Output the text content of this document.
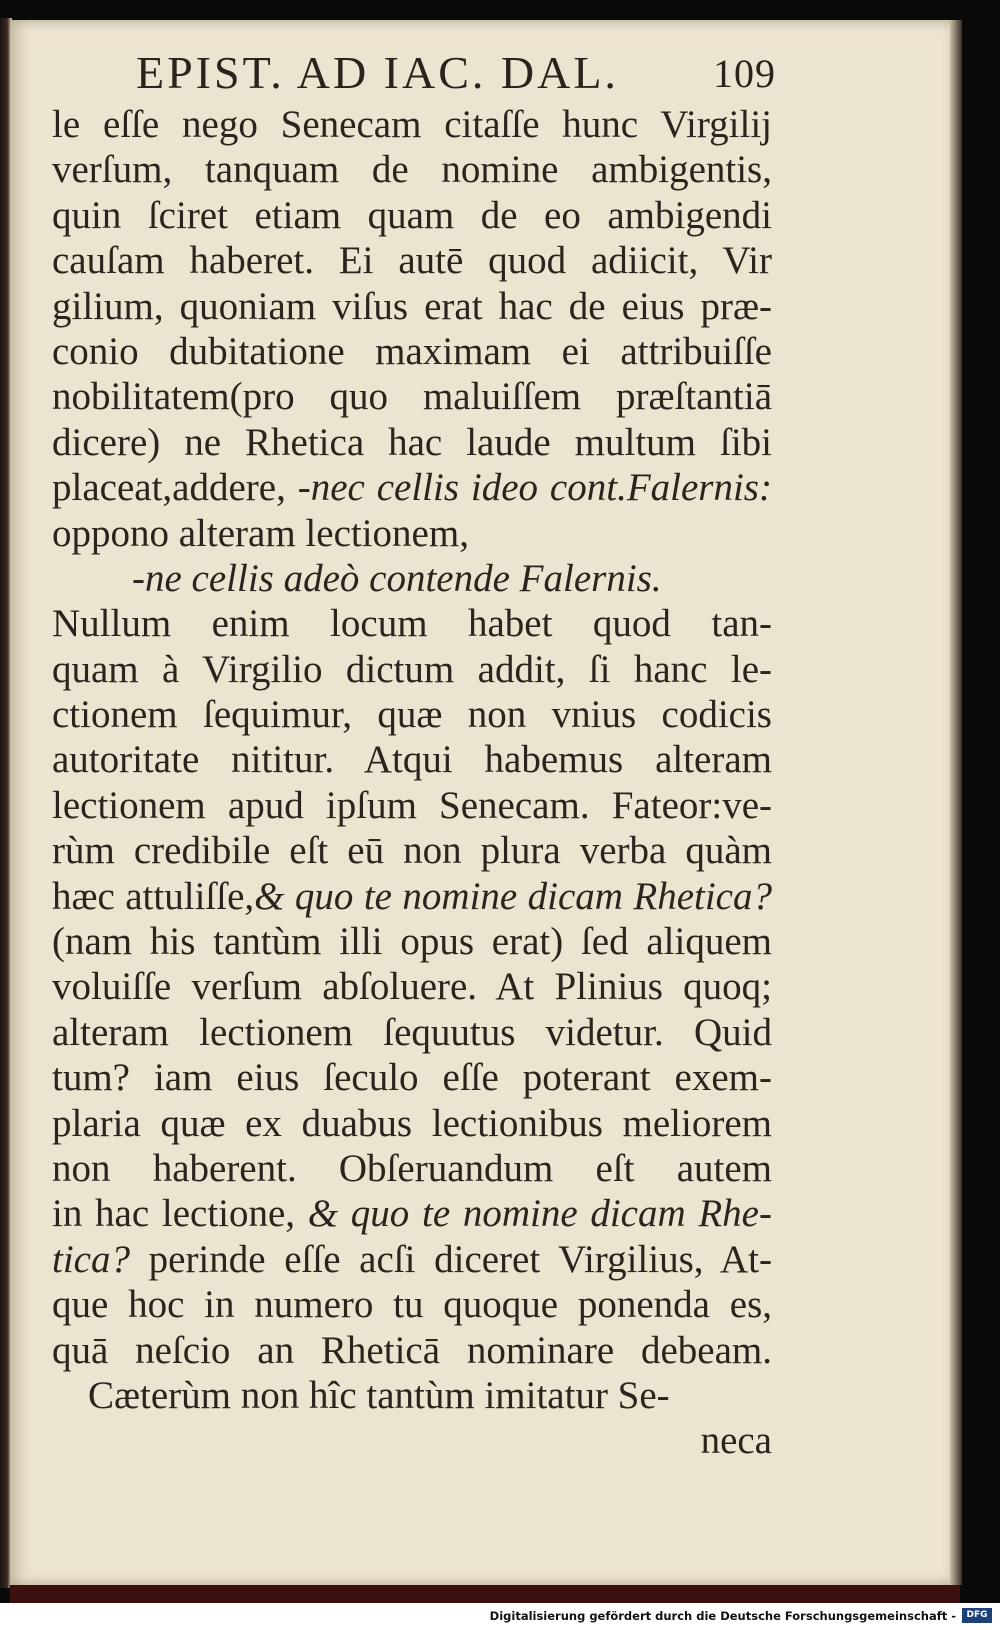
EPIST. AD IAC. DAL. 109
le eſſe nego Senecam citaſſe hunc Virgilij
verſum, tanquam de nomine ambigentis,
quin ſciret etiam quam de eo ambigendi
cauſam haberet. Ei autē quod adiicit, Vir
gilium, quoniam viſus erat hac de eius præ-
conio dubitatione maximam ei attribuiſſe
nobilitatem(pro quo maluiſſem præſtantiā
dicere) ne Rhetica hac laude multum ſibi
placeat,addere, -nec cellis ideo cont.Falernis:
oppono alteram lectionem,
-ne cellis adeò contende Falernis.
Nullum enim locum habet quod tan-
quam à Virgilio dictum addit, ſi hanc le-
ctionem ſequimur, quæ non vnius codicis
autoritate nititur. Atqui habemus alteram
lectionem apud ipſum Senecam. Fateor:ve-
rùm credibile eſt eū non plura verba quàm
hæc attuliſſe,& quo te nomine dicam Rhetica?
(nam his tantùm illi opus erat) ſed aliquem
voluiſſe verſum abſoluere. At Plinius quoq;
alteram lectionem ſequutus videtur. Quid
tum? iam eius ſeculo eſſe poterant exem-
plaria quæ ex duabus lectionibus meliorem
non haberent. Obſeruandum eſt autem
in hac lectione, & quo te nomine dicam Rhe-
tica? perinde eſſe acſi diceret Virgilius, At-
que hoc in numero tu quoque ponenda es,
quā neſcio an Rheticā nominare debeam.
Cæterùm non hîc tantùm imitatur Se-
neca
Digitalisierung gefördert durch die Deutsche Forschungsgemeinschaft -	DFG
